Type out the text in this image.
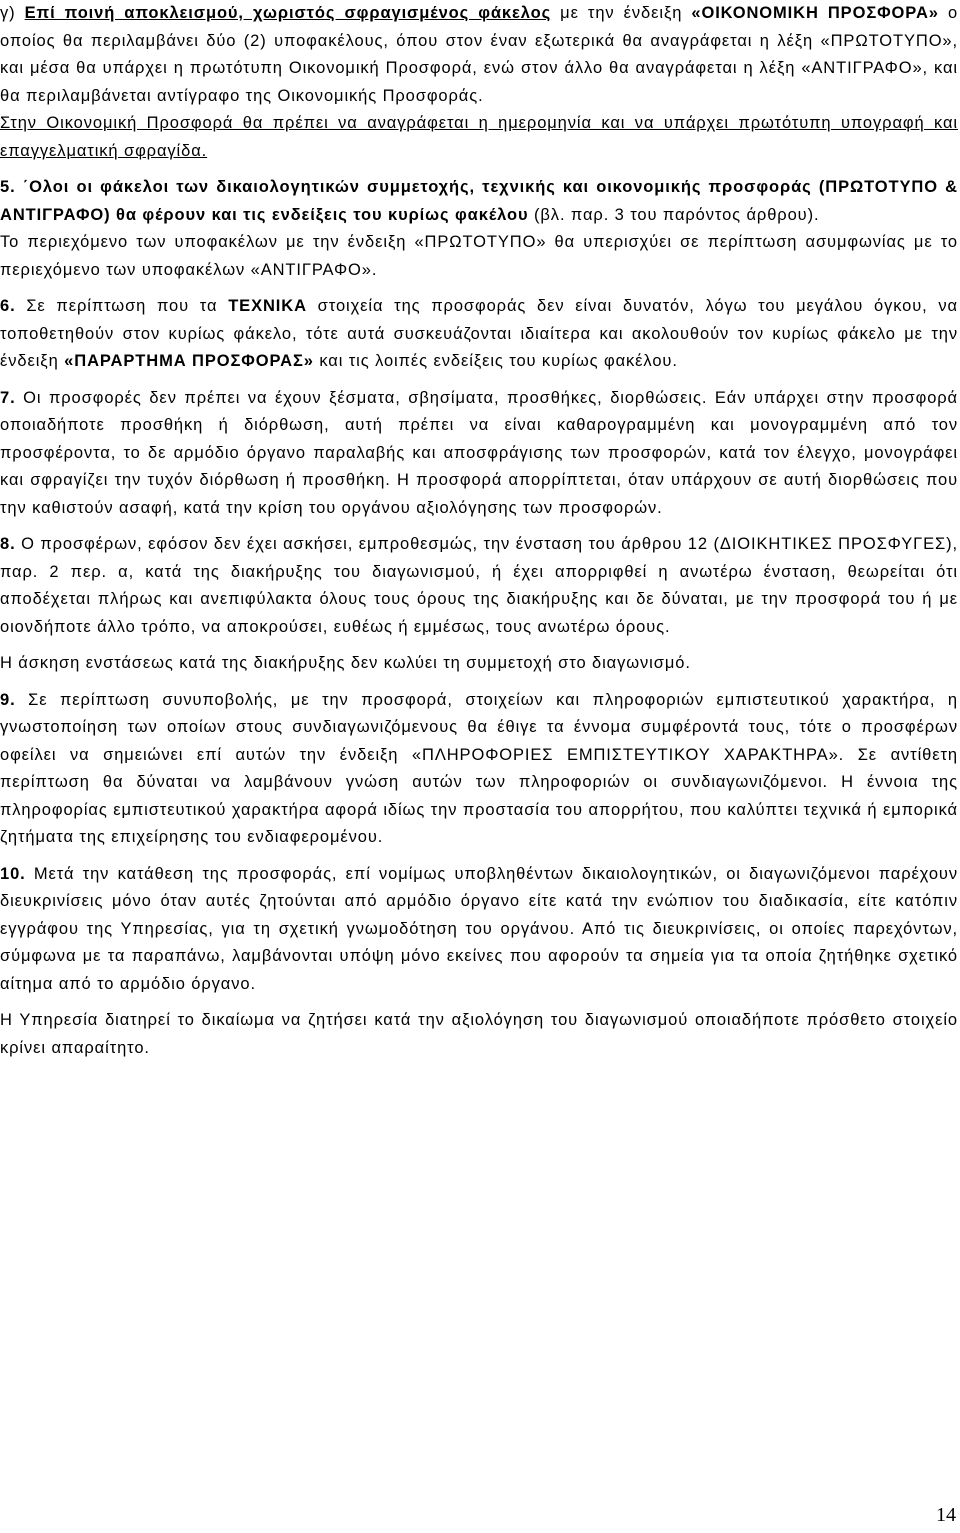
γ) Επί ποινή αποκλεισμού, χωριστός σφραγισμένος φάκελος με την ένδειξη «ΟΙΚΟΝΟΜΙΚΗ ΠΡΟΣΦΟΡΑ» ο οποίος θα περιλαμβάνει δύο (2) υποφακέλους, όπου στον έναν εξωτερικά θα αναγράφεται η λέξη «ΠΡΩΤΟΤΥΠΟ», και μέσα θα υπάρχει η πρωτότυπη Οικονομική Προσφορά, ενώ στον άλλο θα αναγράφεται η λέξη «ΑΝΤΙΓΡΑΦΟ», και θα περιλαμβάνεται αντίγραφο της Οικονομικής Προσφοράς.

Στην Οικονομική Προσφορά θα πρέπει να αναγράφεται η ημερομηνία και να υπάρχει πρωτότυπη υπογραφή και επαγγελματική σφραγίδα.

5. ΄Ολοι οι φάκελοι των δικαιολογητικών συμμετοχής, τεχνικής και οικονομικής προσφοράς (ΠΡΩΤΟΤΥΠΟ & ΑΝΤΙΓΡΑΦΟ) θα φέρουν και τις ενδείξεις του κυρίως φακέλου (βλ. παρ. 3 του παρόντος άρθρου).

Το περιεχόμενο των υποφακέλων με την ένδειξη «ΠΡΩΤΟΤΥΠΟ» θα υπερισχύει σε περίπτωση ασυμφωνίας με το περιεχόμενο των υποφακέλων «ΑΝΤΙΓΡΑΦΟ».

6. Σε περίπτωση που τα ΤΕΧΝΙΚΑ στοιχεία της προσφοράς δεν είναι δυνατόν, λόγω του μεγάλου όγκου, να τοποθετηθούν στον κυρίως φάκελο, τότε αυτά συσκευάζονται ιδιαίτερα και ακολουθούν τον κυρίως φάκελο με την ένδειξη «ΠΑΡΑΡΤΗΜΑ ΠΡΟΣΦΟΡΑΣ» και τις λοιπές ενδείξεις του κυρίως φακέλου.

7. Οι προσφορές δεν πρέπει να έχουν ξέσματα, σβησίματα, προσθήκες, διορθώσεις. Εάν υπάρχει στην προσφορά οποιαδήποτε προσθήκη ή διόρθωση, αυτή πρέπει να είναι καθαρογραμμένη και μονογραμμένη από τον προσφέροντα, το δε αρμόδιο όργανο παραλαβής και αποσφράγισης των προσφορών, κατά τον έλεγχο, μονογράφει και σφραγίζει την τυχόν διόρθωση ή προσθήκη. Η προσφορά απορρίπτεται, όταν υπάρχουν σε αυτή διορθώσεις που την καθιστούν ασαφή, κατά την κρίση του οργάνου αξιολόγησης των προσφορών.

8. Ο προσφέρων, εφόσον δεν έχει ασκήσει, εμπροθεσμώς, την ένσταση του άρθρου 12 (ΔΙΟΙΚΗΤΙΚΕΣ ΠΡΟΣΦΥΓΕΣ), παρ. 2 περ. α, κατά της διακήρυξης του διαγωνισμού, ή έχει απορριφθεί η ανωτέρω ένσταση, θεωρείται ότι αποδέχεται πλήρως και ανεπιφύλακτα όλους τους όρους της διακήρυξης και δε δύναται, με την προσφορά του ή με οιονδήποτε άλλο τρόπο, να αποκρούσει, ευθέως ή εμμέσως, τους ανωτέρω όρους.

Η άσκηση ενστάσεως κατά της διακήρυξης δεν κωλύει τη συμμετοχή στο διαγωνισμό.

9. Σε περίπτωση συνυποβολής, με την προσφορά, στοιχείων και πληροφοριών εμπιστευτικού χαρακτήρα, η γνωστοποίηση των οποίων στους συνδιαγωνιζόμενους θα έθιγε τα έννομα συμφέροντά τους, τότε ο προσφέρων οφείλει να σημειώνει επί αυτών την ένδειξη «ΠΛΗΡΟΦΟΡΙΕΣ ΕΜΠΙΣΤΕΥΤΙΚΟΥ ΧΑΡΑΚΤΗΡΑ». Σε αντίθετη περίπτωση θα δύναται να λαμβάνουν γνώση αυτών των πληροφοριών οι συνδιαγωνιζόμενοι. Η έννοια της πληροφορίας εμπιστευτικού χαρακτήρα αφορά ιδίως την προστασία του απορρήτου, που καλύπτει τεχνικά ή εμπορικά ζητήματα της επιχείρησης του ενδιαφερομένου.

10. Μετά την κατάθεση της προσφοράς, επί νομίμως υποβληθέντων δικαιολογητικών, οι διαγωνιζόμενοι παρέχουν διευκρινίσεις μόνο όταν αυτές ζητούνται από αρμόδιο όργανο είτε κατά την ενώπιον του διαδικασία, είτε κατόπιν εγγράφου της Υπηρεσίας, για τη σχετική γνωμοδότηση του οργάνου. Από τις διευκρινίσεις, οι οποίες παρεχόντων, σύμφωνα με τα παραπάνω, λαμβάνονται υπόψη μόνο εκείνες που αφορούν τα σημεία για τα οποία ζητήθηκε σχετικό αίτημα από το αρμόδιο όργανο.

Η Υπηρεσία διατηρεί το δικαίωμα να ζητήσει κατά την αξιολόγηση του διαγωνισμού οποιαδήποτε πρόσθετο στοιχείο κρίνει απαραίτητο.

14
